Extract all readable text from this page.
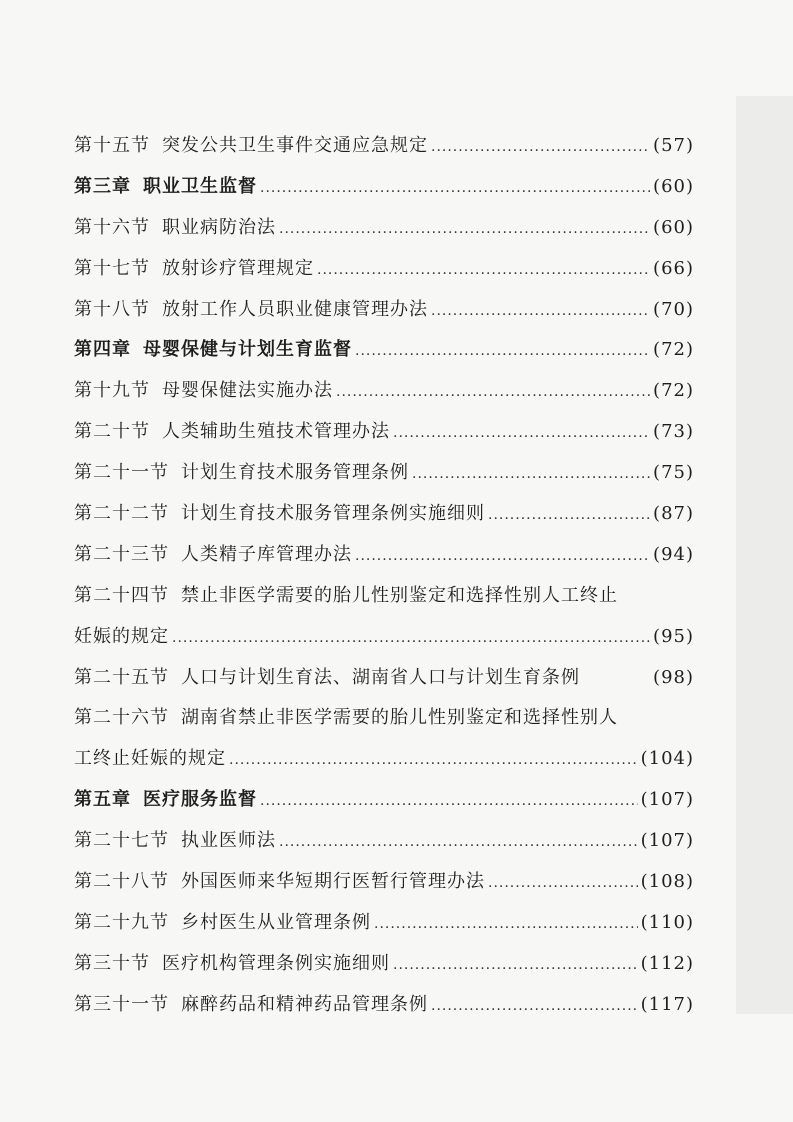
第十五节 突发公共卫生事件交通应急规定 .....	(57)
第三章 职业卫生监督 .....	(60)
第十六节 职业病防治法 .....	(60)
第十七节 放射诊疗管理规定 .....	(66)
第十八节 放射工作人员职业健康管理办法 .....	(70)
第四章 母婴保健与计划生育监督 .....	(72)
第十九节 母婴保健法实施办法 .....	(72)
第二十节 人类辅助生殖技术管理办法 .....	(73)
第二十一节 计划生育技术服务管理条例 .....	(75)
第二十二节 计划生育技术服务管理条例实施细则 .....	(87)
第二十三节 人类精子库管理办法 .....	(94)
第二十四节 禁止非医学需要的胎儿性别鉴定和选择性别人工终止
妊娠的规定 .....	(95)
第二十五节 人口与计划生育法、湖南省人口与计划生育条例	(98)
第二十六节 湖南省禁止非医学需要的胎儿性别鉴定和选择性别人
工终止妊娠的规定 .....	(104)
第五章 医疗服务监督 .....	(107)
第二十七节 执业医师法 .....	(107)
第二十八节 外国医师来华短期行医暂行管理办法 .....	(108)
第二十九节 乡村医生从业管理条例 .....	(110)
第三十节 医疗机构管理条例实施细则 .....	(112)
第三十一节 麻醉药品和精神药品管理条例 .....	(117)
